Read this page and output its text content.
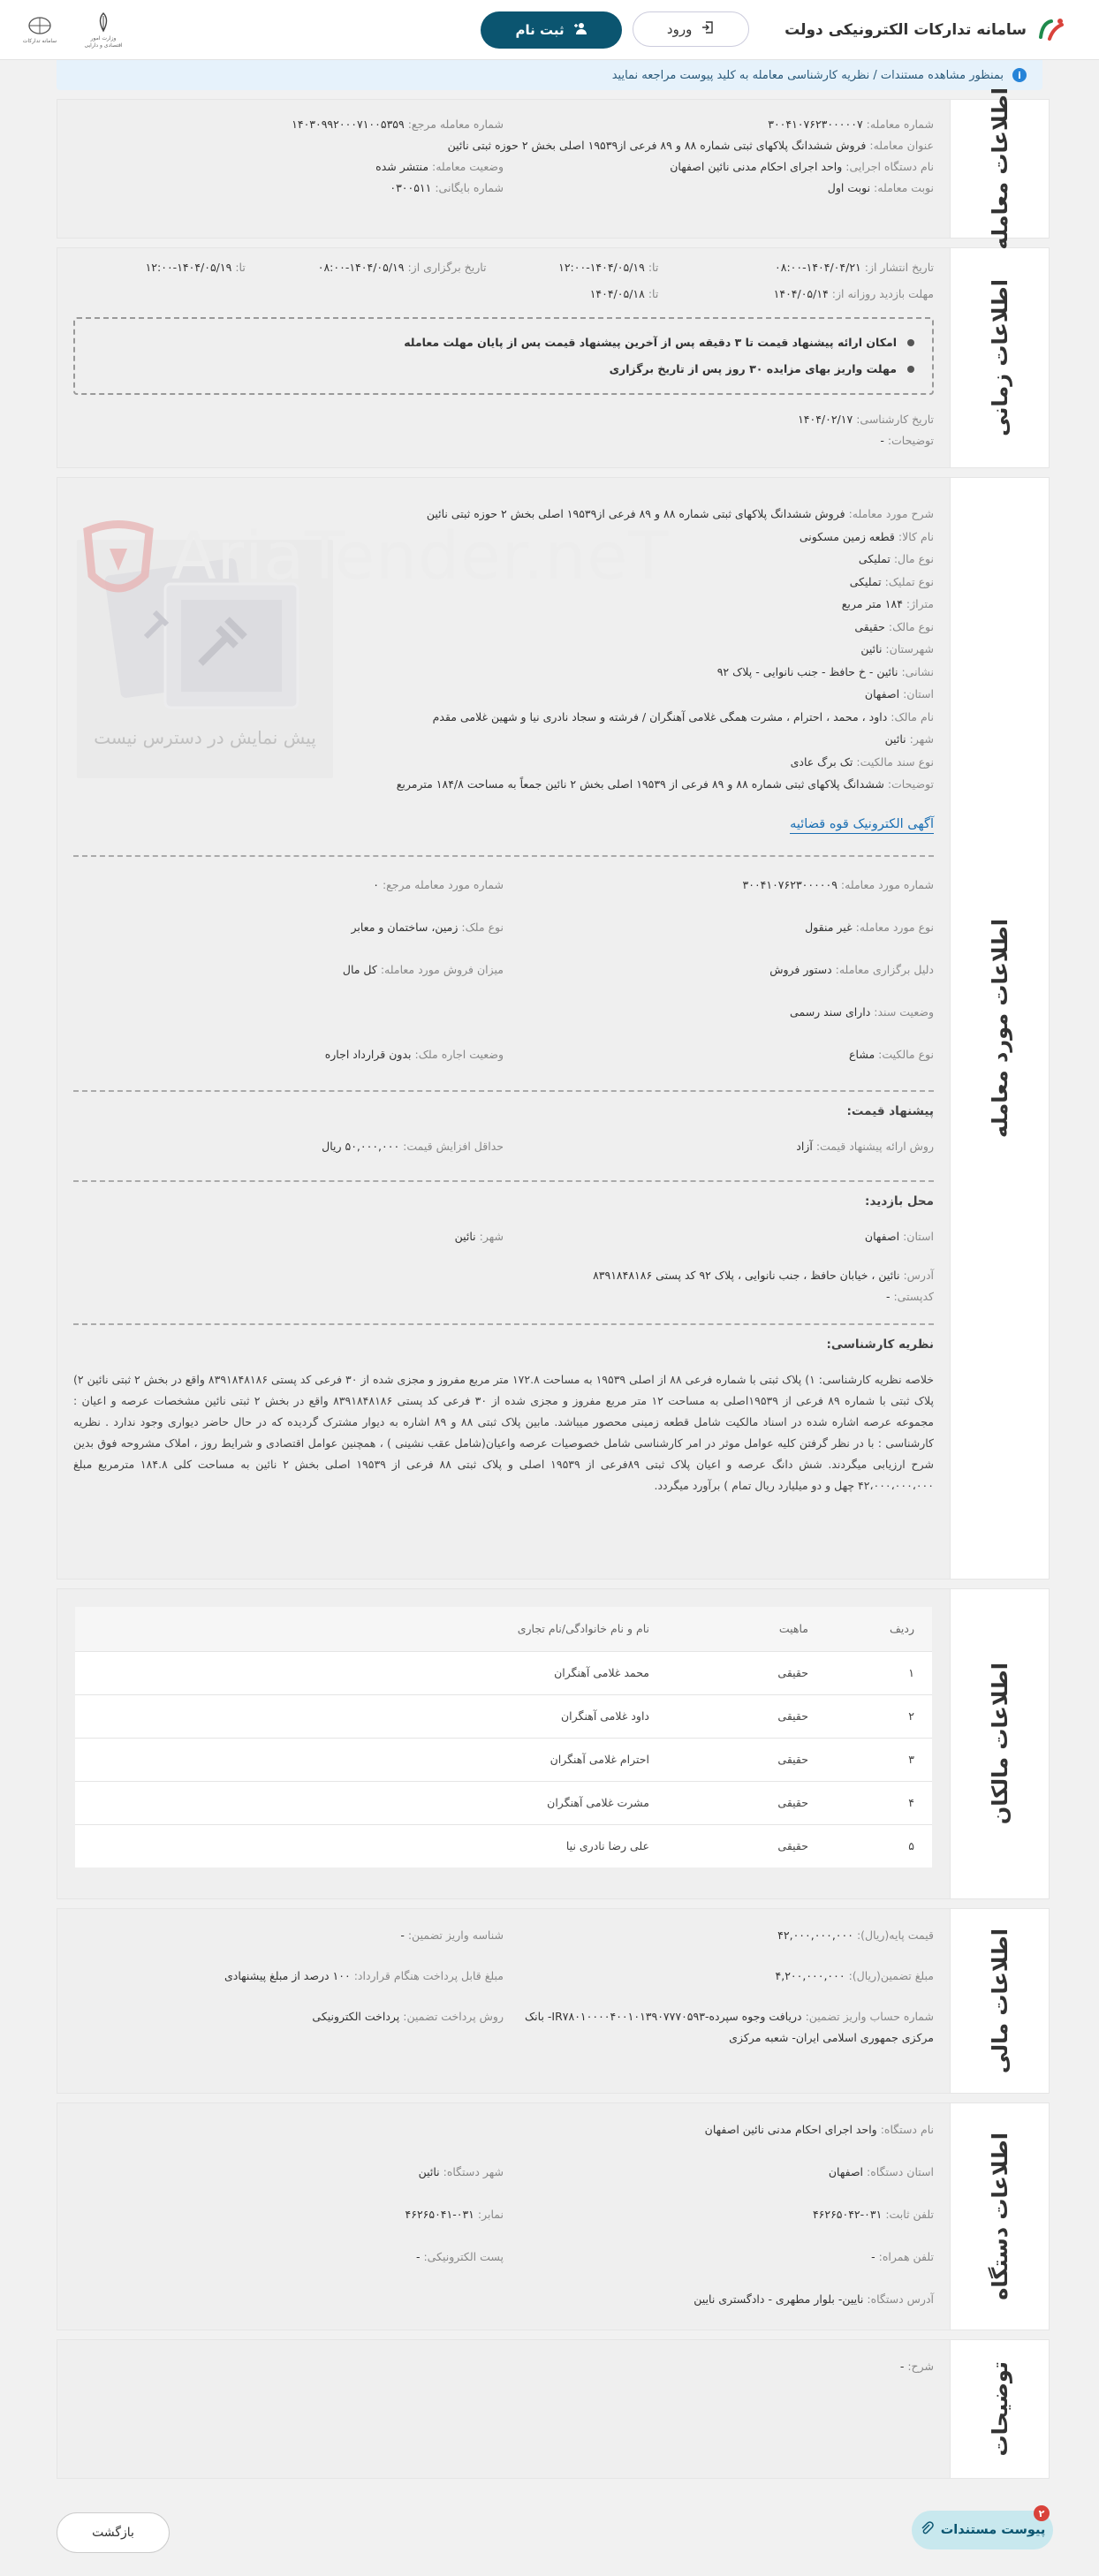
سامانه تدارکات الکترونیکی دولت
ورود
ثبت نام
وزارت امور اقتصادی و دارایی
سامانه تدارکات
i
بمنظور مشاهده مستندات / نظریه کارشناسی معامله به کلید پیوست مراجعه نمایید
اطلاعات معامله
شماره معامله: ۳۰۰۴۱۰۷۶۲۳۰۰۰۰۰۷
شماره معامله مرجع: ۱۴۰۳۰۹۹۲۰۰۰۷۱۰۰۵۳۵۹
عنوان معامله: فروش ششدانگ پلاکهای ثبتی شماره ۸۸ و ۸۹ فرعی از۱۹۵۳۹ اصلی بخش ۲ حوزه ثبتی نائین
نام دستگاه اجرایی: واحد اجرای احکام مدنی نائین اصفهان
وضعیت معامله: منتشر شده
نوبت معامله: نوبت اول
شماره بایگانی: ۰۳۰۰۵۱۱
اطلاعات زمانی
تاریخ انتشار از: ۱۴۰۴/۰۴/۲۱-۰۸:۰۰
تا: ۱۴۰۴/۰۵/۱۹-۱۲:۰۰
تاریخ برگزاری از: ۱۴۰۴/۰۵/۱۹-۰۸:۰۰
تا: ۱۴۰۴/۰۵/۱۹-۱۲:۰۰
مهلت بازدید روزانه از: ۱۴۰۴/۰۵/۱۴
تا: ۱۴۰۴/۰۵/۱۸
امکان ارائه پیشنهاد قیمت تا ۳ دقیقه پس از آخرین پیشنهاد قیمت پس از پایان مهلت معامله
مهلت واریز بهای مزایده ۳۰ روز پس از تاریخ برگزاری
تاریخ کارشناسی:

۱۴۰۴/۰۲/۱۷
توضیحات:

-
اطلاعات مورد معامله
پیش نمایش در دسترس نیست
AriaTender.neT
شرح مورد معامله:

فروش ششدانگ پلاکهای ثبتی شماره ۸۸ و ۸۹ فرعی از۱۹۵۳۹ اصلی بخش ۲ حوزه ثبتی نائین
نام کالا:

قطعه زمین مسکونی
نوع مال:

تملیکی
نوع تملیک:

تملیکی
متراژ:

۱۸۴ متر مربع
نوع مالک:

حقیقی
شهرستان:

نائین
نشانی:

نائین - خ حافظ - جنب نانوایی - پلاک ۹۲
استان:

اصفهان
نام مالک:

داود ، محمد ، احترام ، مشرت همگی غلامی آهنگران / فرشته و سجاد نادری نیا و شهین غلامی مقدم
شهر:

نائین
نوع سند مالکیت:

تک برگ عادی
توضیحات:

ششدانگ پلاکهای ثبتی شماره ۸۸ و ۸۹ فرعی از ۱۹۵۳۹ اصلی بخش ۲ نائین جمعاً به مساحت ۱۸۴/۸ مترمربع
آگهی الکترونیک قوه قضائیه
شماره مورد معامله: ۳۰۰۴۱۰۷۶۲۳۰۰۰۰۰۹
شماره مورد معامله مرجع: ۰
نوع مورد معامله: غیر منقول
نوع ملک: زمین، ساختمان و معابر
دلیل برگزاری معامله: دستور فروش
میزان فروش مورد معامله: کل مال
وضعیت سند: دارای سند رسمی
نوع مالکیت: مشاع
وضعیت اجاره ملک: بدون قرارداد اجاره
پیشنهاد قیمت:
روش ارائه پیشنهاد قیمت: آزاد
حداقل افزایش قیمت: ۵۰,۰۰۰,۰۰۰ ریال
محل بازدید:
استان: اصفهان
شهر: نائین
آدرس:

نائین ، خیابان حافظ ، جنب نانوایی ، پلاک ۹۲ کد پستی ۸۳۹۱۸۴۸۱۸۶
کدپستی:

-
نظریه کارشناسی:
خلاصه نظریه کارشناسی: ۱) پلاک ثبتی با شماره فرعی ۸۸ از اصلی ۱۹۵۳۹ به مساحت ۱۷۲.۸ متر مربع مفروز و مجزی شده از ۳۰ فرعی کد پستی ۸۳۹۱۸۴۸۱۸۶ واقع در بخش ۲ ثبتی نائین ۲) پلاک ثبتی با شماره ۸۹ فرعی از ۱۹۵۳۹اصلی به مساحت ۱۲ متر مربع مفروز و مجزی شده از ۳۰ فرعی کد پستی ۸۳۹۱۸۴۸۱۸۶ واقع در بخش ۲ ثبتی نائین مشخصات عرصه و اعیان : مجموعه عرصه اشاره شده در اسناد مالکیت شامل قطعه زمینی محصور میباشد. مابین پلاک ثبتی ۸۸ و ۸۹ اشاره به دیوار مشترک گردیده که در حال حاضر دیواری وجود ندارد . نظریه کارشناسی : با در نظر گرفتن کلیه عوامل موثر در امر کارشناسی شامل خصوصیات عرصه واعیان(شامل عقب نشینی ) ، همچنین عوامل اقتصادی و شرایط روز ، املاک مشروحه فوق بدین شرح ارزیابی میگردند. شش دانگ عرصه و اعیان پلاک ثبتی ۸۹فرعی از ۱۹۵۳۹ اصلی و پلاک ثبتی ۸۸ فرعی از ۱۹۵۳۹ اصلی بخش ۲ نائین به مساحت کلی ۱۸۴.۸ مترمربع مبلغ ۴۲،۰۰۰،۰۰۰،۰۰۰ چهل و دو میلیارد ریال تمام ) برآورد میگردد.
اطلاعات مالکان
ردیف	ماهیت	نام و نام خانوادگی/نام تجاری
۱	حقیقی	محمد غلامی آهنگران
۲	حقیقی	داود غلامی آهنگران
۳	حقیقی	احترام غلامی آهنگران
۴	حقیقی	مشرت غلامی آهنگران
۵	حقیقی	علی رضا نادری نیا
اطلاعات مالی
قیمت پایه(ریال): ۴۲,۰۰۰,۰۰۰,۰۰۰
شناسه واریز تضمین: -
مبلغ تضمین(ریال): ۴,۲۰۰,۰۰۰,۰۰۰
مبلغ قابل پرداخت هنگام قرارداد: ۱۰۰ درصد از مبلغ پیشنهادی
شماره حساب واریز تضمین: دریافت وجوه سپرده-IR۷۸۰۱۰۰۰۰۴۰۰۱۰۱۳۹۰۷۷۷۰۵۹۳- بانک مرکزی جمهوری اسلامی ایران- شعبه مرکزی
روش پرداخت تضمین: پرداخت الکترونیکی
اطلاعات دستگاه
نام دستگاه:

واحد اجرای احکام مدنی نائین اصفهان
استان دستگاه: اصفهان
شهر دستگاه: نائین
تلفن ثابت: ۰۳۱-۴۶۲۶۵۰۴۲
نمابر: ۰۳۱-۴۶۲۶۵۰۴۱
تلفن همراه: -
پست الکترونیکی: -
آدرس دستگاه:

نایین- بلوار مطهری - دادگستری نایین
توضیحات
شرح:

-
۲
پیوست مستندات
بازگشت
